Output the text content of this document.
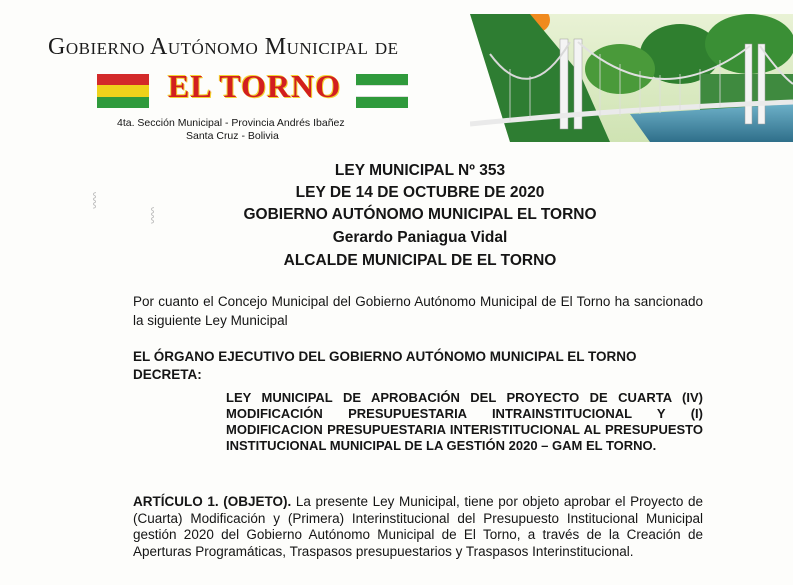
Gobierno Autónomo Municipal de
EL TORNO
4ta. Sección Municipal - Provincia Andrés Ibañez
Santa Cruz - Bolivia
⸾
⸾
LEY MUNICIPAL Nº 353
LEY DE 14 DE OCTUBRE DE 2020
GOBIERNO AUTÓNOMO MUNICIPAL EL TORNO
Gerardo Paniagua Vidal
ALCALDE MUNICIPAL DE EL TORNO
Por cuanto el Concejo Municipal del Gobierno Autónomo Municipal de El Torno ha sancionado la siguiente Ley Municipal
EL ÓRGANO EJECUTIVO DEL GOBIERNO AUTÓNOMO MUNICIPAL EL TORNO
DECRETA:
LEY MUNICIPAL DE APROBACIÓN DEL PROYECTO DE CUARTA (IV) MODIFICACIÓN PRESUPUESTARIA INTRAINSTITUCIONAL Y (I) MODIFICACION PRESUPUESTARIA INTERISTITUCIONAL AL PRESUPUESTO INSTITUCIONAL MUNICIPAL DE LA GESTIÓN 2020 – GAM EL TORNO.
ARTÍCULO 1. (OBJETO). La presente Ley Municipal, tiene por objeto aprobar el Proyecto de (Cuarta) Modificación y (Primera) Interinstitucional del Presupuesto Institucional Municipal gestión 2020 del Gobierno Autónomo Municipal de El Torno, a través de la Creación de Aperturas Programáticas, Traspasos presupuestarios y Traspasos Interinstitucional.
